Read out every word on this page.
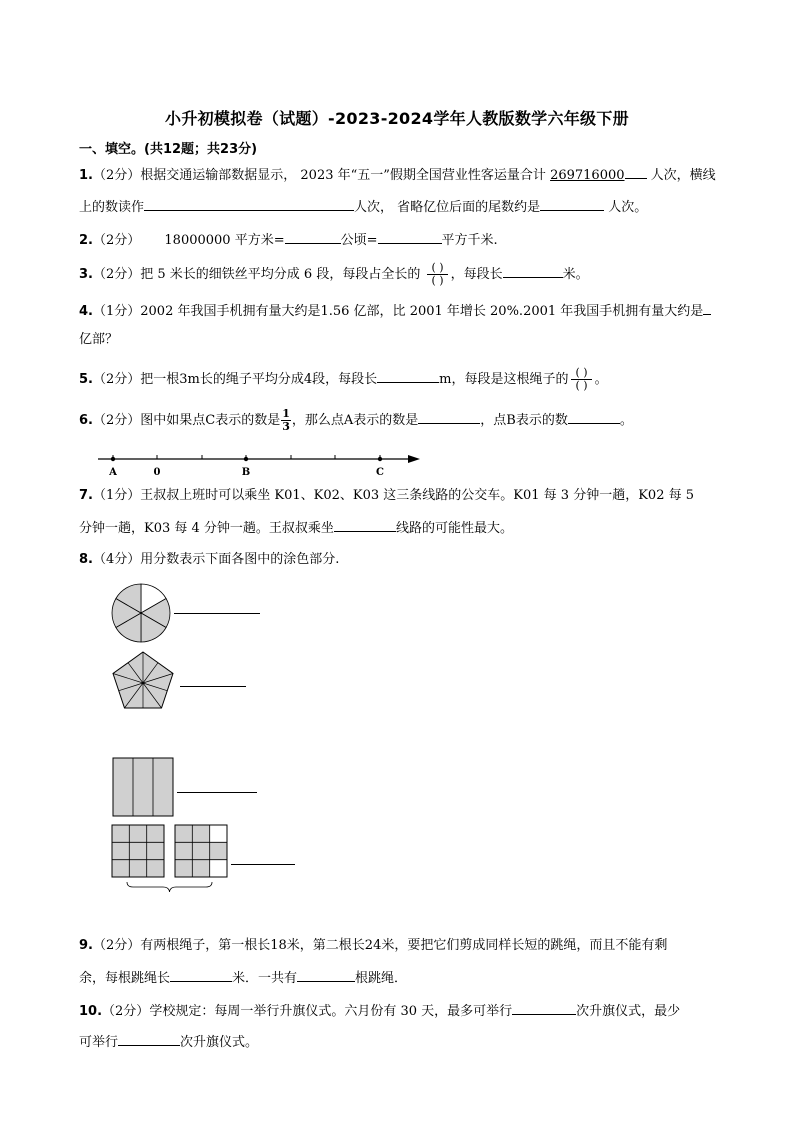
小升初模拟卷（试题）-2023-2024学年人教版数学六年级下册
一、填空。(共12题；共23分)
1.（2分）根据交通运输部数据显示， 2023 年“五一”假期全国营业性客运量合计 269716000 人次，横线
上的数读作	人次， 省略亿位后面的尾数约是	人次。
2.（2分） 18000000 平方米=	公顷=	平方千米.
3.（2分）把 5 米长的细铁丝平均分成 6 段，每段占全长的 $\frac{( )}{( )}$ ，每段长	米。
4.（1分）2002 年我国手机拥有量大约是1.56 亿部，比 2001 年增长 20%.2001 年我国手机拥有量大约是
亿部？
5.（2分）把一根3m长的绳子平均分成4段，每段长	m，每段是这根绳子的 $\frac{( )}{( )}$ 。
6.（2分）图中如果点C表示的数是 $\frac{1}{3}$ ，那么点A表示的数是	，点B表示的数	。
A	0	B	C
7.（1分）王叔叔上班时可以乘坐 K01、K02、K03 这三条线路的公交车。K01 每 3 分钟一趟，K02 每 5
分钟一趟，K03 每 4 分钟一趟。王叔叔乘坐	线路的可能性最大。
8.（4分）用分数表示下面各图中的涂色部分.
9.（2分）有两根绳子，第一根长18米，第二根长24米，要把它们剪成同样长短的跳绳，而且不能有剩
余，每根跳绳长	米．一共有	根跳绳．
10.（2分）学校规定：每周一举行升旗仪式。六月份有 30 天，最多可举行	次升旗仪式，最少
可举行	次升旗仪式。
